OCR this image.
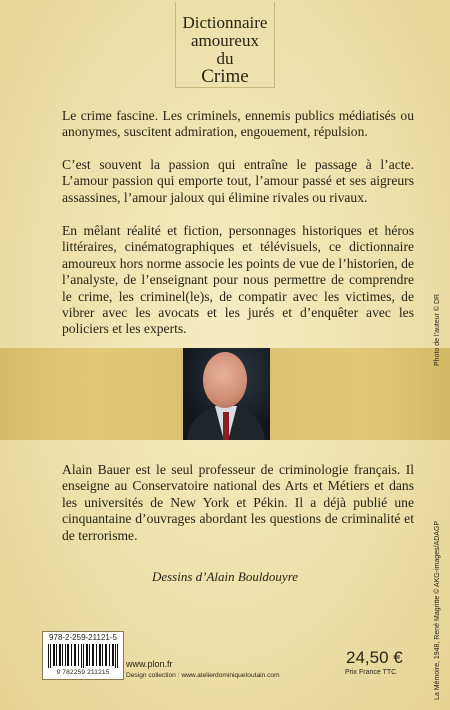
Dictionnaire
amoureux
du
Crime
Le crime fascine. Les criminels, ennemis publics médiatisés ou anonymes, suscitent admiration, engouement, répulsion.
C’est souvent la passion qui entraîne le passage à l’acte. L’amour passion qui emporte tout, l’amour passé et ses aigreurs assassines, l’amour jaloux qui élimine rivales ou rivaux.
En mêlant réalité et fiction, personnages historiques et héros littéraires, cinématographiques et télévisuels, ce dictionnaire amoureux hors norme associe les points de vue de l’historien, de l’analyste, de l’enseignant pour nous permettre de comprendre le crime, les criminel(le)s, de compatir avec les victimes, de vibrer avec les avocats et les jurés et d’enquêter avec les policiers et les experts.
Alain Bauer est le seul professeur de criminologie français. Il enseigne au Conservatoire national des Arts et Métiers et dans les universités de New York et Pékin. Il a déjà publié une cinquantaine d’ouvrages abordant les questions de criminalité et de terrorisme.
Dessins d’Alain Bouldouyre
978-2-259-21121-5
9 782259 211215
www.plon.fr
Design collection : www.atelierdominiquetoutain.com
24,50 €
Prix France TTC
Photo de l’auteur © DR
La Mémoire, 1948, René Magritte © AKG-images/ADAGP
